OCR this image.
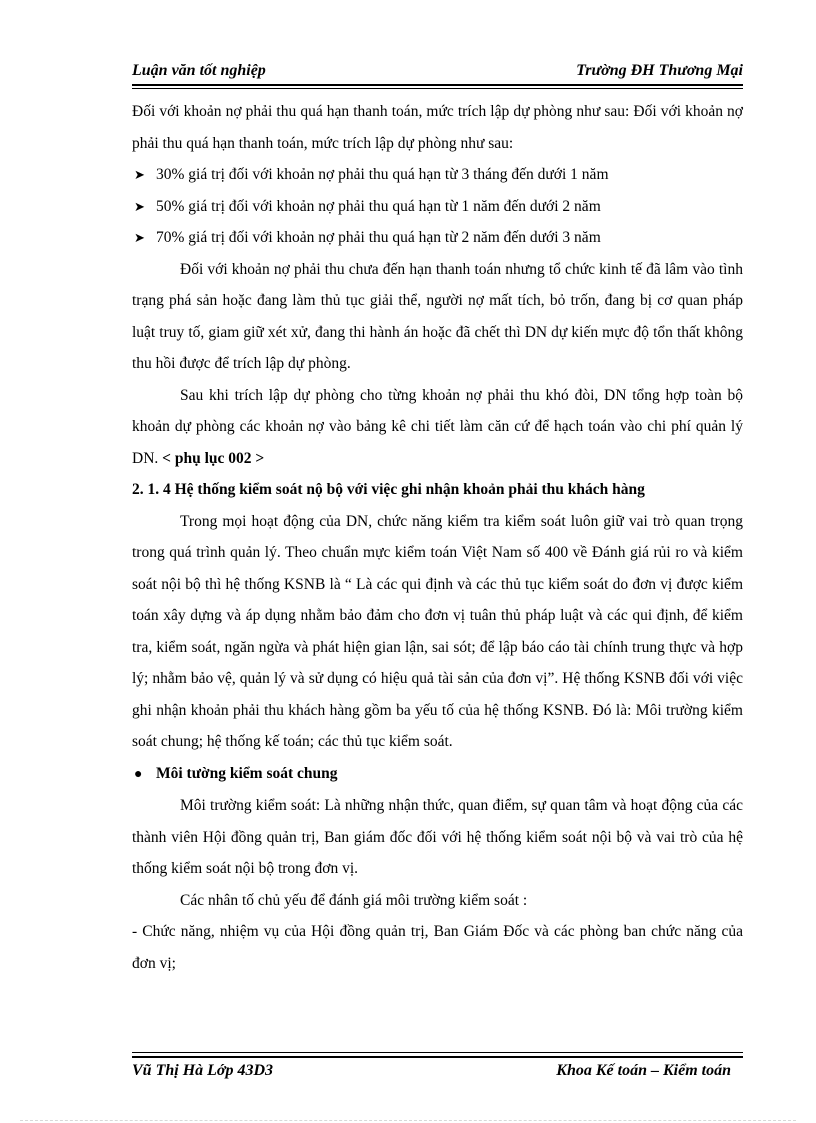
Luận văn tốt nghiệp	Trường ĐH Thương Mại

Đối với khoản nợ phải thu quá hạn thanh toán, mức trích lập dự phòng như sau: Đối với khoản nợ phải thu quá hạn thanh toán, mức trích lập dự phòng như sau:

➤ 30% giá trị đối với khoản nợ phải thu quá hạn từ 3 tháng đến dưới 1 năm
➤ 50% giá trị đối với khoản nợ phải thu quá hạn từ 1 năm đến dưới 2 năm
➤ 70% giá trị đối với khoản nợ phải thu quá hạn từ 2 năm đến dưới 3 năm

Đối với khoản nợ phải thu chưa đến hạn thanh toán nhưng tổ chức kinh tế đã lâm vào tình trạng phá sản hoặc đang làm thủ tục giải thể, người nợ mất tích, bỏ trốn, đang bị cơ quan pháp luật truy tố, giam giữ xét xử, đang thi hành án hoặc đã chết thì DN dự kiến mực độ tổn thất không thu hồi được để trích lập dự phòng.

Sau khi trích lập dự phòng cho từng khoản nợ phải thu khó đòi, DN tổng hợp toàn bộ khoản dự phòng các khoản nợ vào bảng kê chi tiết làm căn cứ để hạch toán vào chi phí quản lý DN. < phụ lục 002 >

2. 1. 4 Hệ thống kiểm soát nộ bộ với việc ghi nhận khoản phải thu khách hàng

Trong mọi hoạt động của DN, chức năng kiểm tra kiểm soát luôn giữ vai trò quan trọng trong quá trình quản lý. Theo chuẩn mực kiểm toán Việt Nam số 400 về Đánh giá rủi ro và kiểm soát nội bộ thì hệ thống KSNB là “ Là các qui định và các thủ tục kiểm soát do đơn vị được kiểm toán xây dựng và áp dụng nhằm bảo đảm cho đơn vị tuân thủ pháp luật và các qui định, để kiểm tra, kiểm soát, ngăn ngừa và phát hiện gian lận, sai sót; để lập báo cáo tài chính trung thực và hợp lý; nhằm bảo vệ, quản lý và sử dụng có hiệu quả tài sản của đơn vị”. Hệ thống KSNB đối với việc ghi nhận khoản phải thu khách hàng gồm ba yếu tố của hệ thống KSNB. Đó là: Môi trường kiểm soát chung; hệ thống kế toán; các thủ tục kiểm soát.

● Môi tường kiểm soát chung

Môi trường kiểm soát: Là những nhận thức, quan điểm, sự quan tâm và hoạt động của các thành viên Hội đồng quản trị, Ban giám đốc đối với hệ thống kiểm soát nội bộ và vai trò của hệ thống kiểm soát nội bộ trong đơn vị.

Các nhân tố chủ yếu để đánh giá môi trường kiểm soát :

- Chức năng, nhiệm vụ của Hội đồng quản trị, Ban Giám Đốc và các phòng ban chức năng của đơn vị;

Vũ Thị Hà Lớp 43D3	Khoa Kế toán – Kiểm toán
